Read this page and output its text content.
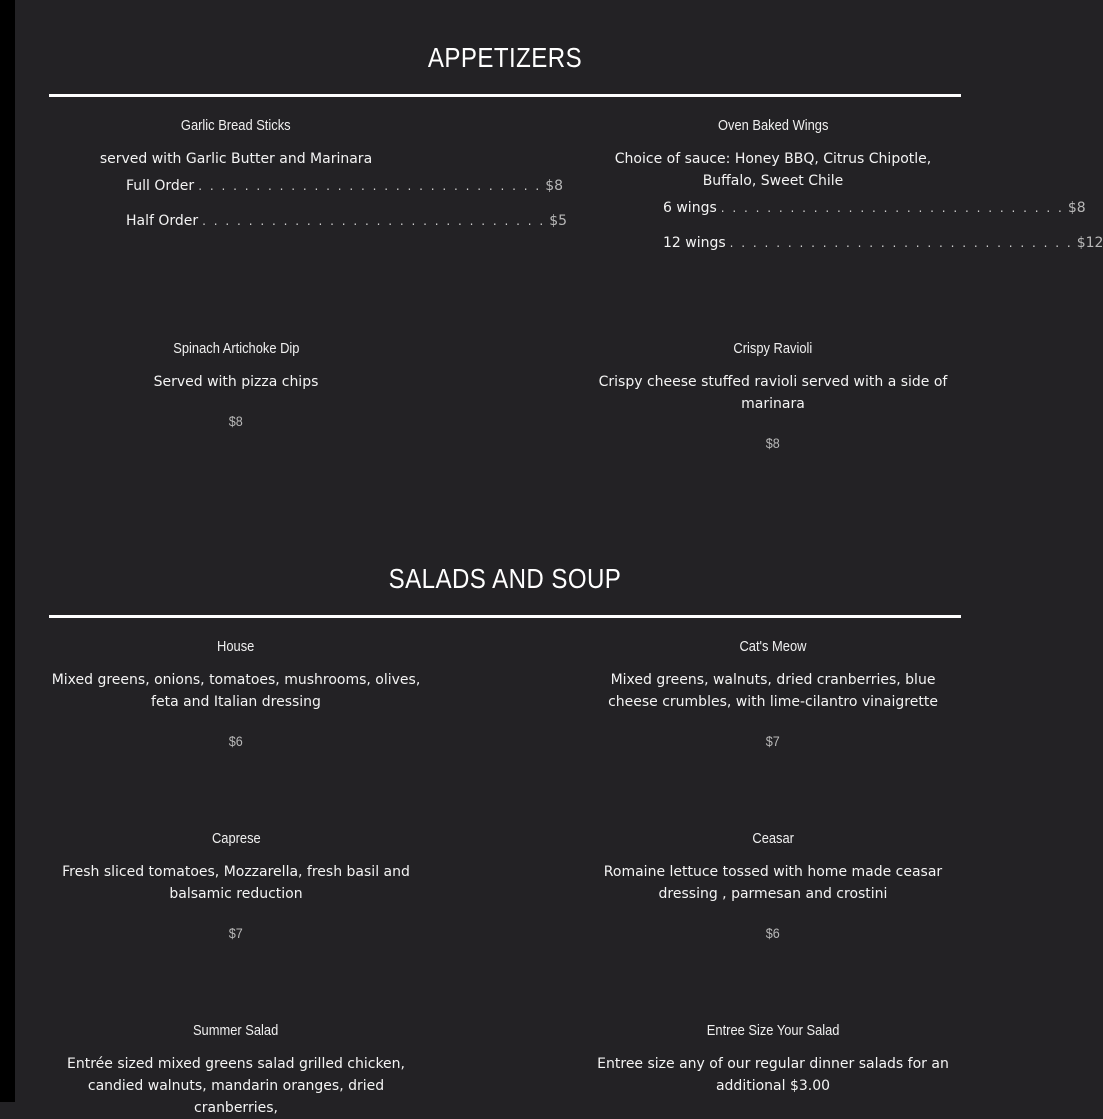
APPETIZERS
Garlic Bread Sticks
served with Garlic Butter and Marinara
Full Order . . . . . . . . . . . . . . . . . . . . . . . . . . . . . . $8
Half Order . . . . . . . . . . . . . . . . . . . . . . . . . . . . . . $5
Oven Baked Wings
Choice of sauce: Honey BBQ, Citrus Chipotle, Buffalo, Sweet Chile
6 wings . . . . . . . . . . . . . . . . . . . . . . . . . . . . . . $8
12 wings . . . . . . . . . . . . . . . . . . . . . . . . . . . . . . $12
Spinach Artichoke Dip
Served with pizza chips
$8
Crispy Ravioli
Crispy cheese stuffed ravioli served with a side of marinara
$8
SALADS AND SOUP
House
Mixed greens, onions, tomatoes, mushrooms, olives, feta and Italian dressing
$6
Cat's Meow
Mixed greens, walnuts, dried cranberries, blue cheese crumbles, with lime-cilantro vinaigrette
$7
Caprese
Fresh sliced tomatoes, Mozzarella, fresh basil and balsamic reduction
$7
Ceasar
Romaine lettuce tossed with home made ceasar dressing , parmesan and crostini
$6
Summer Salad
Entrée sized mixed greens salad grilled chicken, candied walnuts, mandarin oranges, dried cranberries,
Entree Size Your Salad
Entree size any of our regular dinner salads for an additional $3.00
